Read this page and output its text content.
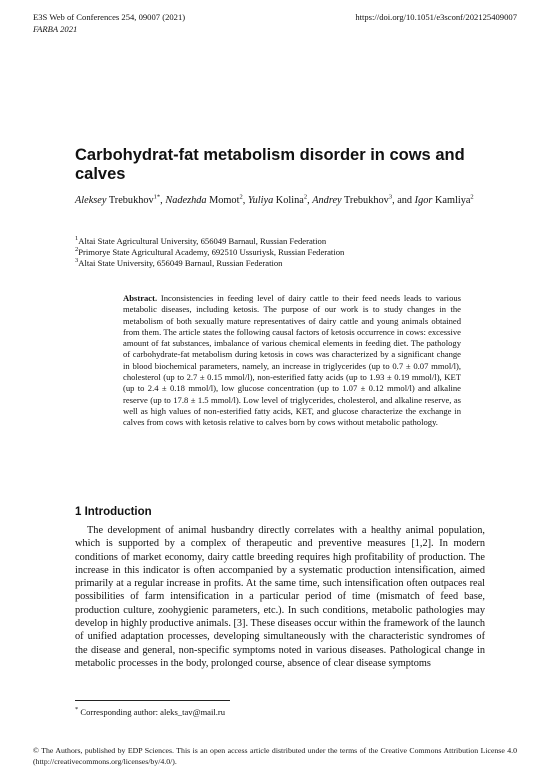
E3S Web of Conferences 254, 09007 (2021)	https://doi.org/10.1051/e3sconf/202125409007
FARBA 2021
Carbohydrat-fat metabolism disorder in cows and calves
Aleksey Trebukhov$^{1*}$, Nadezhda Momot$^2$, Yuliya Kolina$^2$, Andrey Trebukhov$^3$, and Igor Kamliya$^2$
$^1$Altai State Agricultural University, 656049 Barnaul, Russian Federation
$^2$Primorye State Agricultural Academy, 692510 Ussuriysk, Russian Federation
$^3$Altai State University, 656049 Barnaul, Russian Federation
Abstract. Inconsistencies in feeding level of dairy cattle to their feed needs leads to various metabolic diseases, including ketosis. The purpose of our work is to study changes in the metabolism of both sexually mature representatives of dairy cattle and young animals obtained from them. The article states the following causal factors of ketosis occurrence in cows: excessive amount of fat substances, imbalance of various chemical elements in feeding diet. The pathology of carbohydrate-fat metabolism during ketosis in cows was characterized by a significant change in blood biochemical parameters, namely, an increase in triglycerides (up to 0.7 ± 0.07 mmol/l), cholesterol (up to 2.7 ± 0.15 mmol/l), non-esterified fatty acids (up to 1.93 ± 0.19 mmol/l), KET (up to 2.4 ± 0.18 mmol/l), low glucose concentration (up to 1.07 ± 0.12 mmol/l) and alkaline reserve (up to 17.8 ± 1.5 mmol/l). Low level of triglycerides, cholesterol, and alkaline reserve, as well as high values of non-esterified fatty acids, KET, and glucose characterize the exchange in calves from cows with ketosis relative to calves born by cows without metabolic pathology.
1 Introduction
The development of animal husbandry directly correlates with a healthy animal population, which is supported by a complex of therapeutic and preventive measures [1,2]. In modern conditions of market economy, dairy cattle breeding requires high profitability of production. The increase in this indicator is often accompanied by a systematic production intensification, aimed primarily at a regular increase in profits. At the same time, such intensification often outpaces real possibilities of farm intensification in a particular period of time (mismatch of feed base, production culture, zoohygienic parameters, etc.). In such conditions, metabolic pathologies may develop in highly productive animals. [3]. These diseases occur within the framework of the launch of unified adaptation processes, developing simultaneously with the characteristic syndromes of the disease and general, non-specific symptoms noted in various diseases. Pathological change in metabolic processes in the body, prolonged course, absence of clear disease symptoms
* Corresponding author: aleks_tav@mail.ru
© The Authors, published by EDP Sciences. This is an open access article distributed under the terms of the Creative Commons Attribution License 4.0 (http://creativecommons.org/licenses/by/4.0/).
